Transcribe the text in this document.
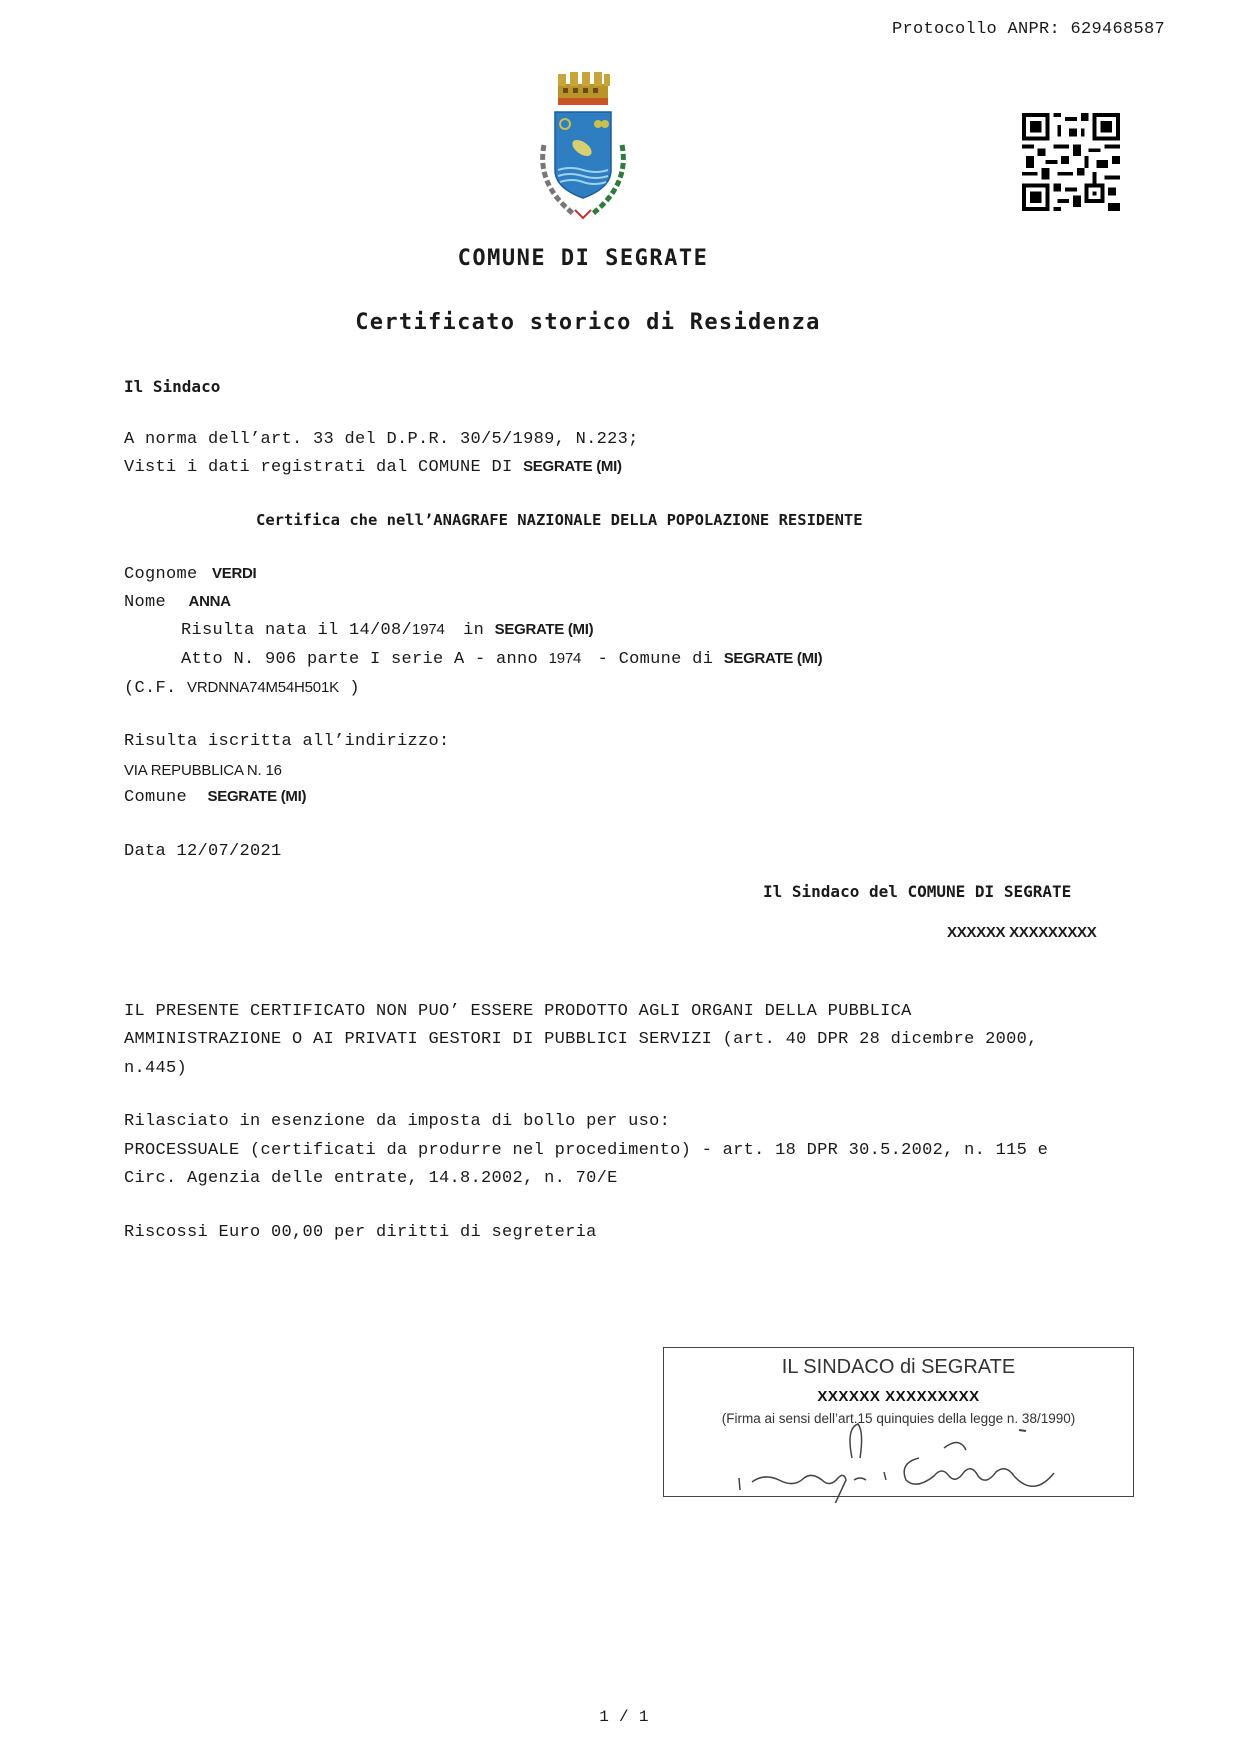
Protocollo ANPR: 629468587
COMUNE DI SEGRATE
Certificato storico di Residenza
Il Sindaco
A norma dell’art. 33 del D.P.R. 30/5/1989, N.223;
Visti i dati registrati dal COMUNE DI SEGRATE (MI)
Certifica che nell’ANAGRAFE NAZIONALE DELLA POPOLAZIONE RESIDENTE
Cognome VERDI
Nome ANNA
Risulta nata il 14/08/1974 in SEGRATE (MI)
Atto N. 906 parte I serie A - anno 1974 - Comune di SEGRATE (MI)
(C.F. VRDNNA74M54H501K )
Risulta iscritta all’indirizzo:
VIA REPUBBLICA N. 16
Comune SEGRATE (MI)
Data 12/07/2021
Il Sindaco del COMUNE DI SEGRATE
XXXXXX XXXXXXXXX
IL PRESENTE CERTIFICATO NON PUO’ ESSERE PRODOTTO AGLI ORGANI DELLA PUBBLICA
AMMINISTRAZIONE O AI PRIVATI GESTORI DI PUBBLICI SERVIZI (art. 40 DPR 28 dicembre 2000,
n.445)
Rilasciato in esenzione da imposta di bollo per uso:
PROCESSUALE (certificati da produrre nel procedimento) - art. 18 DPR 30.5.2002, n. 115 e
Circ. Agenzia delle entrate, 14.8.2002, n. 70/E
Riscossi Euro 00,00 per diritti di segreteria
IL SINDACO di SEGRATE
XXXXXX XXXXXXXXX
(Firma ai sensi dell’art.15 quinquies della legge n. 38/1990)
1 / 1
